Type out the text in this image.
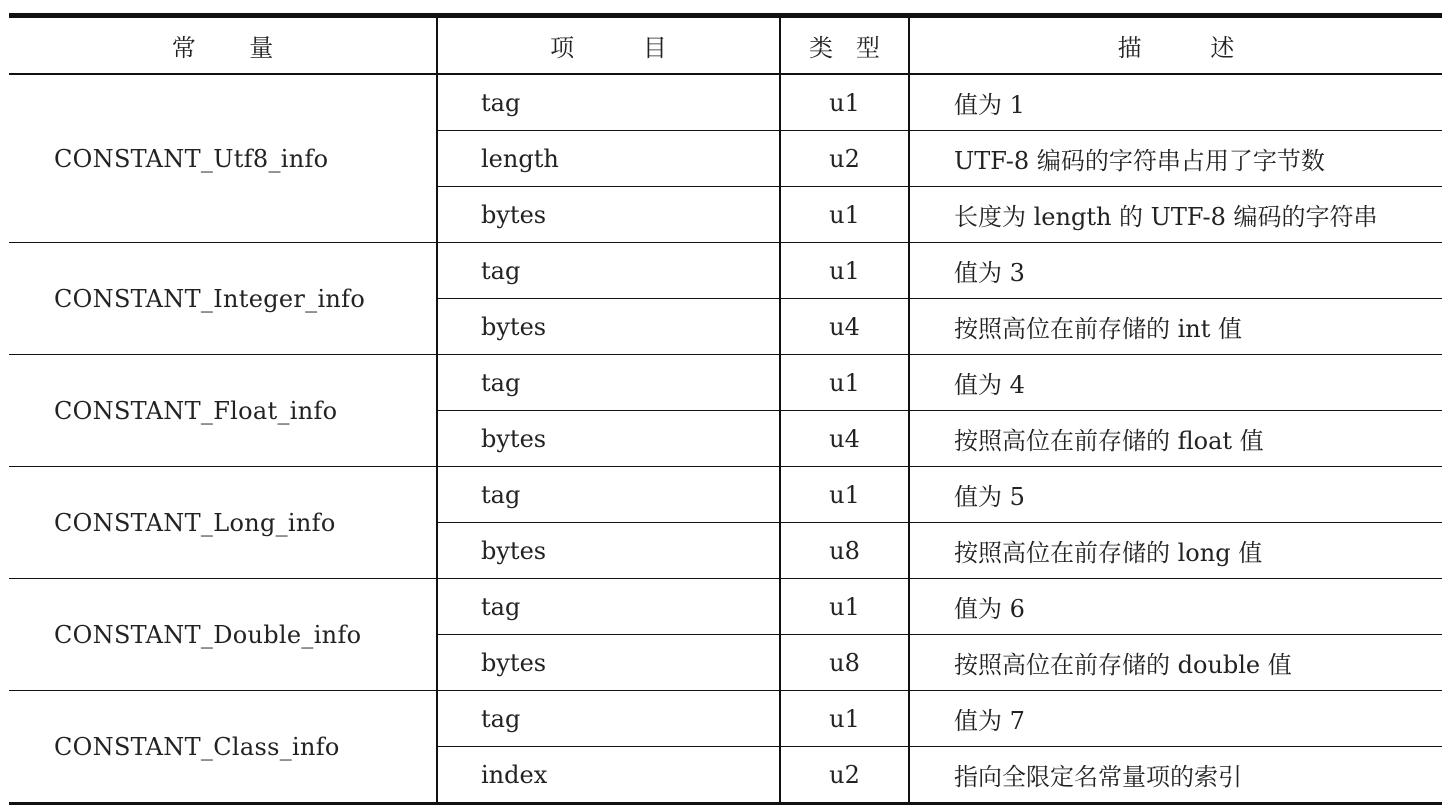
常       量	项         目	类   型	描         述
CONSTANT_Utf8_info	tag	u1	值为 1
	length	u2	UTF-8 编码的字符串占用了字节数
	bytes	u1	长度为 length 的 UTF-8 编码的字符串
CONSTANT_Integer_info	tag	u1	值为 3
	bytes	u4	按照高位在前存储的 int 值
CONSTANT_Float_info	tag	u1	值为 4
	bytes	u4	按照高位在前存储的 float 值
CONSTANT_Long_info	tag	u1	值为 5
	bytes	u8	按照高位在前存储的 long 值
CONSTANT_Double_info	tag	u1	值为 6
	bytes	u8	按照高位在前存储的 double 值
CONSTANT_Class_info	tag	u1	值为 7
	index	u2	指向全限定名常量项的索引
